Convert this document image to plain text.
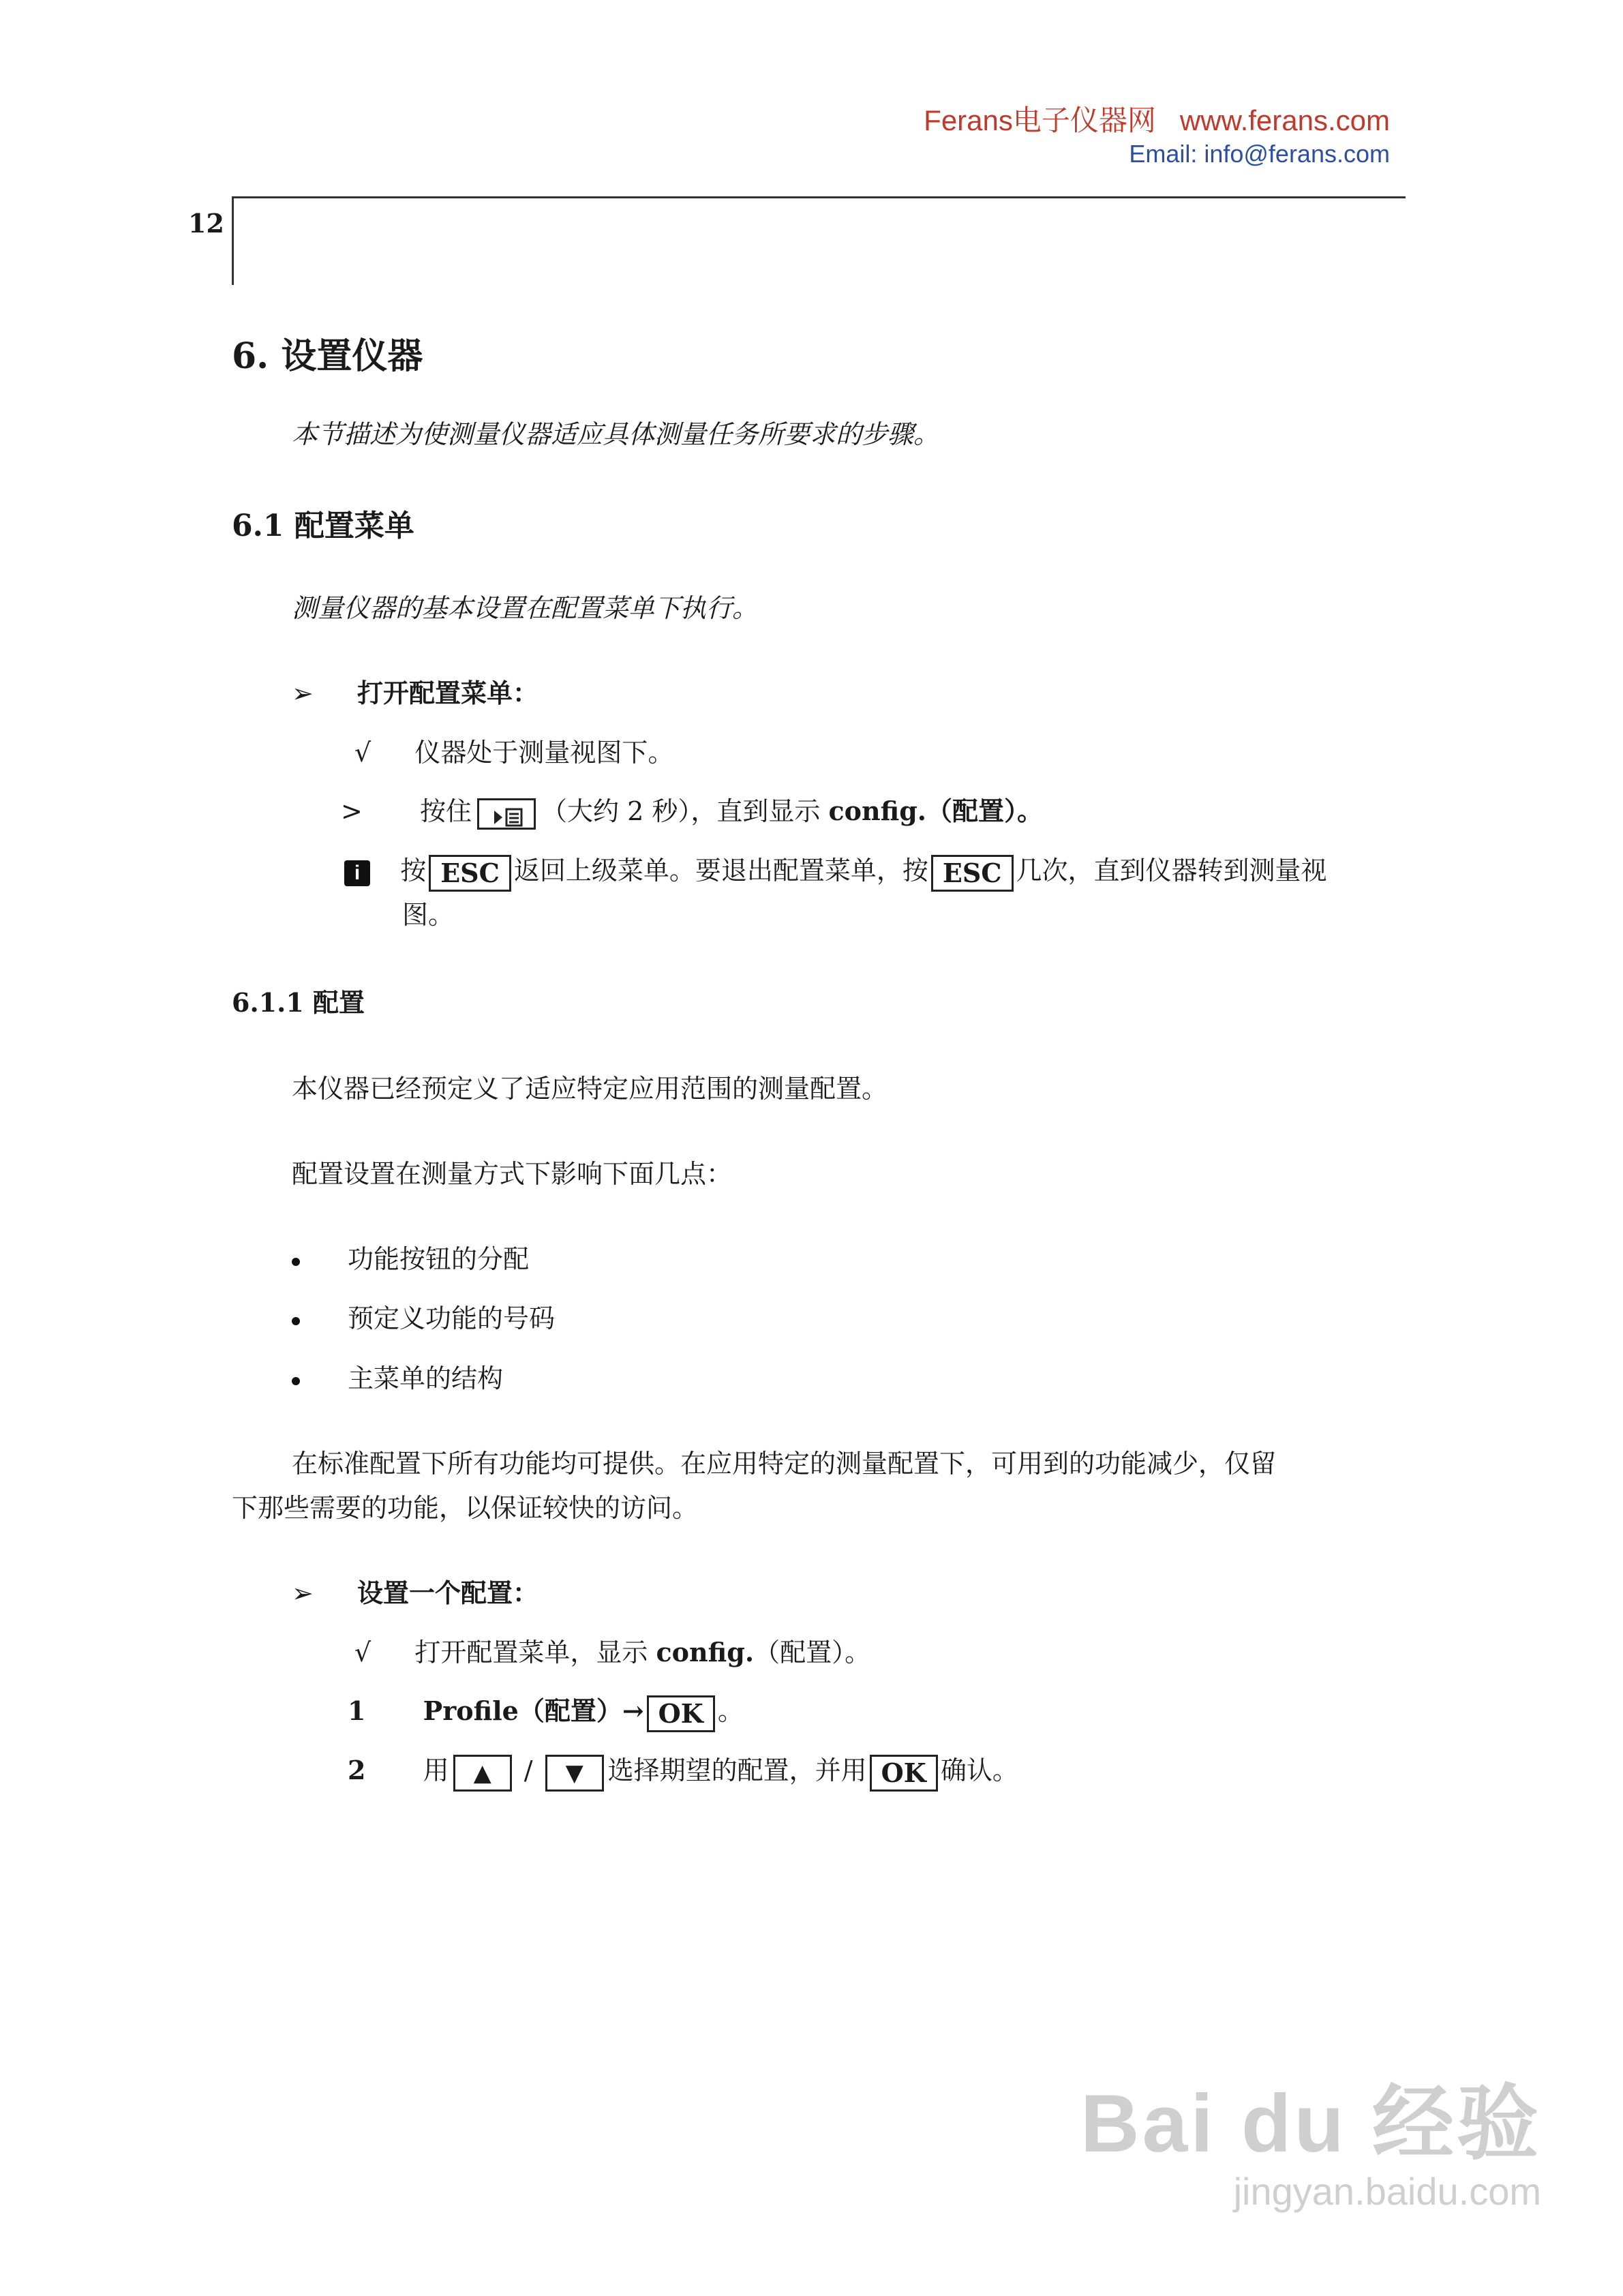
Ferans电子仪器网 www.ferans.com
Email: info@ferans.com
12
6. 设置仪器
本节描述为使测量仪器适应具体测量任务所要求的步骤。
6.1 配置菜单
测量仪器的基本设置在配置菜单下执行。
➢ 打开配置菜单：
√ 仪器处于测量视图下。
> 按住	（大约 2 秒），直到显示 config.（配置）。
i 按 ESC 返回上级菜单。要退出配置菜单，按 ESC 几次，直到仪器转到测量视
图。
6.1.1 配置
本仪器已经预定义了适应特定应用范围的测量配置。
配置设置在测量方式下影响下面几点：
功能按钮的分配
预定义功能的号码
主菜单的结构
在标准配置下所有功能均可提供。在应用特定的测量配置下，可用到的功能减少，仅留
下那些需要的功能，以保证较快的访问。
➢ 设置一个配置：
√ 打开配置菜单，显示 config.（配置）。
1 Profile（配置）→ OK 。
2 用 ▲ / ▼ 选择期望的配置，并用 OK 确认。
Bai du 经验
jingyan.baidu.com
